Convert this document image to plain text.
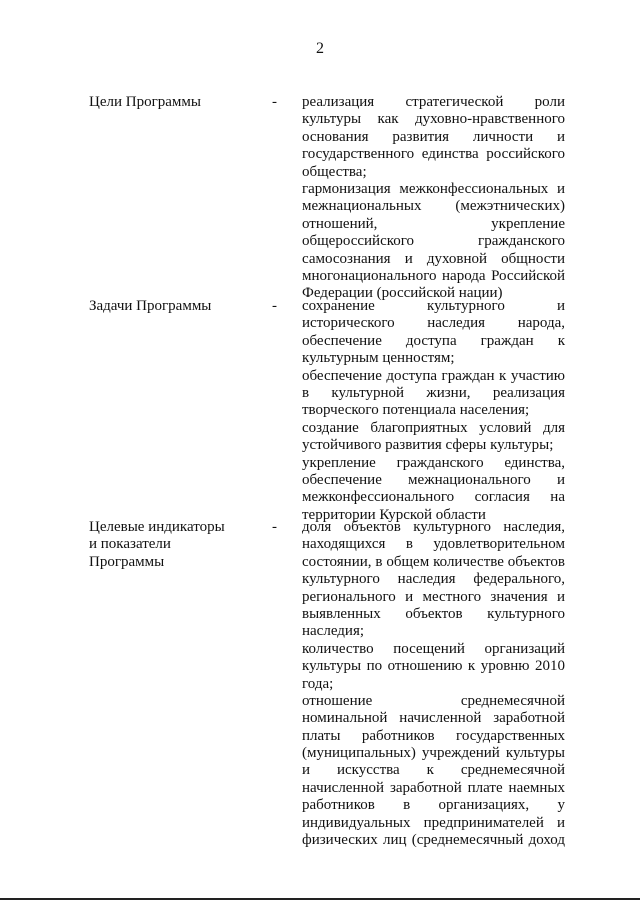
2
Цели Программы	- реализация стратегической роли
культуры как духовно-нравственного
основания развития личности и
государственного единства российского
общества;
гармонизация межконфессиональных и
межнациональных (межэтнических)
отношений, укрепление
общероссийского гражданского
самосознания и духовной общности
многонационального народа Российской
Федерации (российской нации)
Задачи Программы	- сохранение культурного и
исторического наследия народа,
обеспечение доступа граждан к
культурным ценностям;
обеспечение доступа граждан к участию
в культурной жизни, реализация
творческого потенциала населения;
создание благоприятных условий для
устойчивого развития сферы культуры;
укрепление гражданского единства,
обеспечение межнационального и
межконфессионального согласия на
территории Курской области
Целевые индикаторы
и показатели
Программы
- доля объектов культурного наследия,
находящихся в удовлетворительном
состоянии, в общем количестве объектов
культурного наследия федерального,
регионального и местного значения и
выявленных объектов культурного
наследия;
количество посещений организаций
культуры по отношению к уровню 2010
года;
отношение среднемесячной
номинальной начисленной заработной
платы работников государственных
(муниципальных) учреждений культуры
и искусства к среднемесячной
начисленной заработной плате наемных
работников в организациях, у
индивидуальных предпринимателей и
физических лиц (среднемесячный доход
